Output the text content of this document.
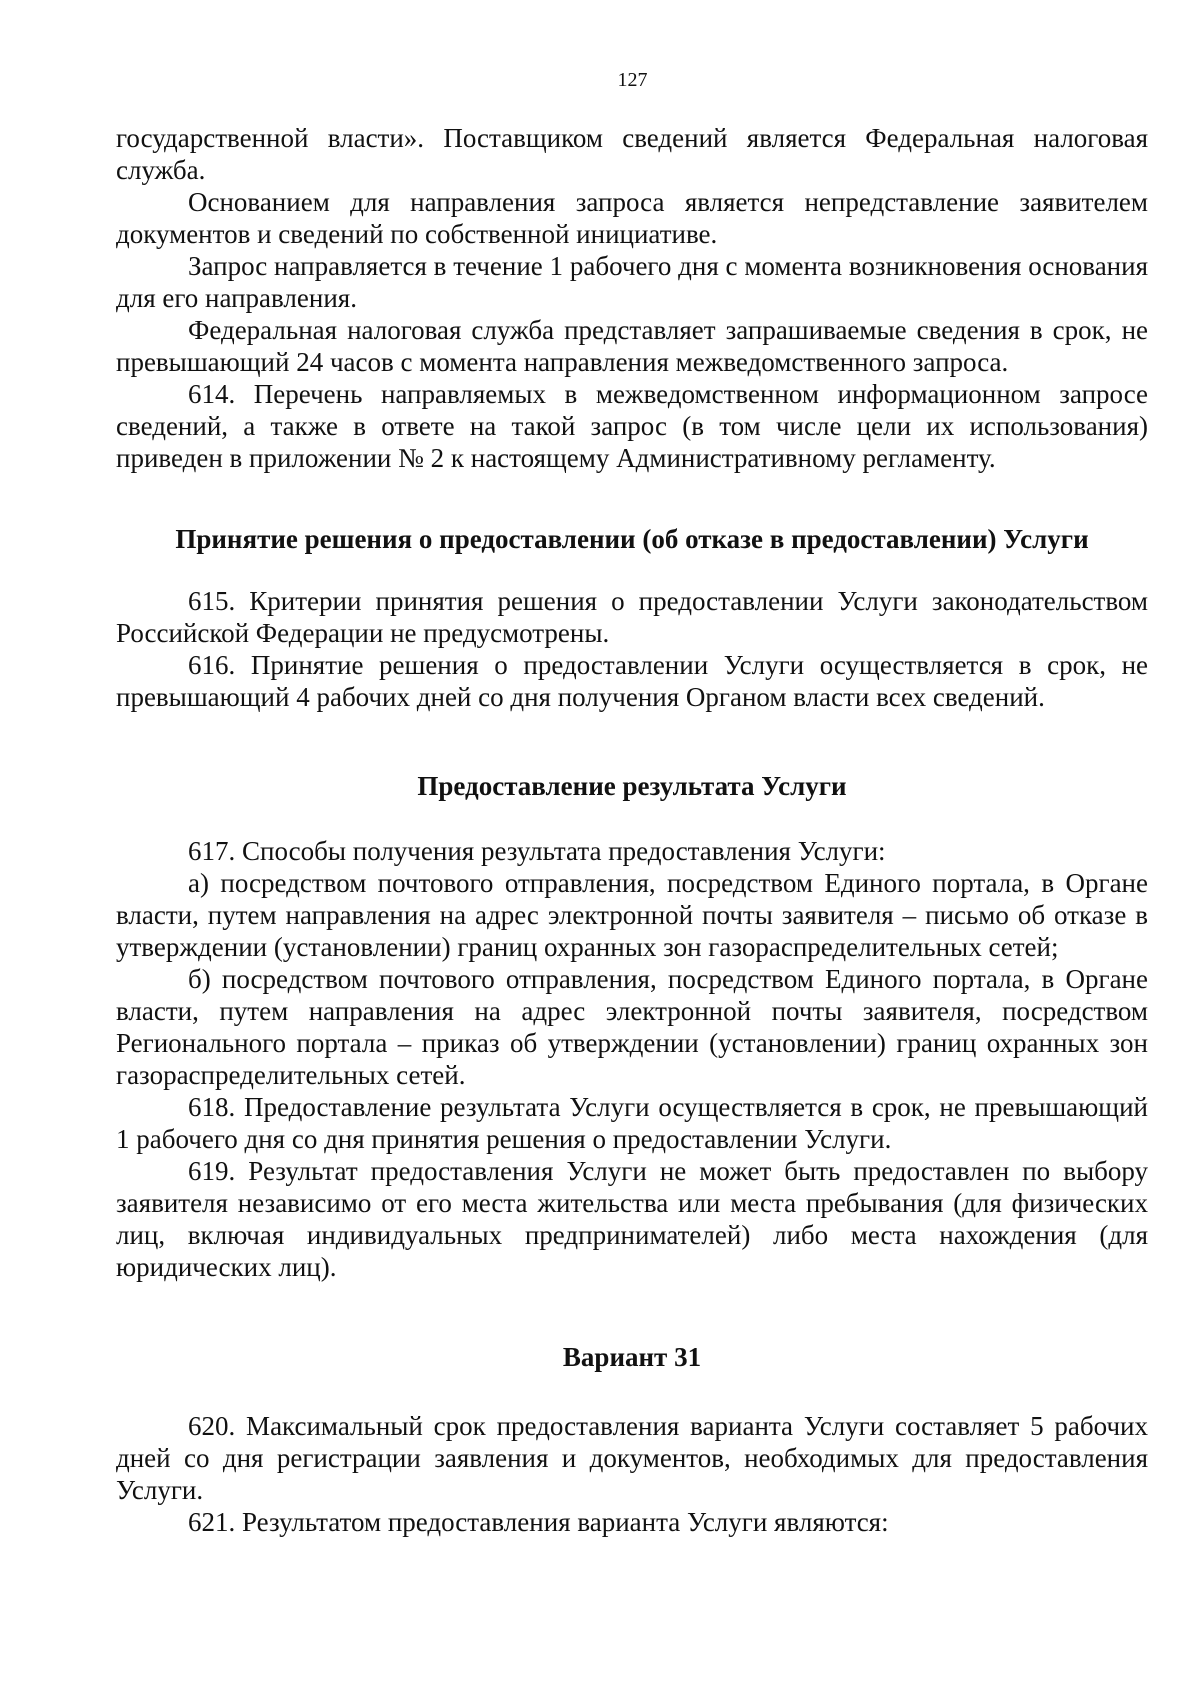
127

государственной власти». Поставщиком сведений является Федеральная налоговая служба.

Основанием для направления запроса является непредставление заявителем документов и сведений по собственной инициативе.

Запрос направляется в течение 1 рабочего дня с момента возникновения основания для его направления.

Федеральная налоговая служба представляет запрашиваемые сведения в срок, не превышающий 24 часов с момента направления межведомственного запроса.

614. Перечень направляемых в межведомственном информационном запросе сведений, а также в ответе на такой запрос (в том числе цели их использования) приведен в приложении № 2 к настоящему Административному регламенту.

Принятие решения о предоставлении (об отказе в предоставлении) Услуги

615. Критерии принятия решения о предоставлении Услуги законодательством Российской Федерации не предусмотрены.

616. Принятие решения о предоставлении Услуги осуществляется в срок, не превышающий 4 рабочих дней со дня получения Органом власти всех сведений.

Предоставление результата Услуги

617. Способы получения результата предоставления Услуги:

а) посредством почтового отправления, посредством Единого портала, в Органе власти, путем направления на адрес электронной почты заявителя – письмо об отказе в утверждении (установлении) границ охранных зон газораспределительных сетей;

б) посредством почтового отправления, посредством Единого портала, в Органе власти, путем направления на адрес электронной почты заявителя, посредством Регионального портала – приказ об утверждении (установлении) границ охранных зон газораспределительных сетей.

618. Предоставление результата Услуги осуществляется в срок, не превышающий 1 рабочего дня со дня принятия решения о предоставлении Услуги.

619. Результат предоставления Услуги не может быть предоставлен по выбору заявителя независимо от его места жительства или места пребывания (для физических лиц, включая индивидуальных предпринимателей) либо места нахождения (для юридических лиц).

Вариант 31

620. Максимальный срок предоставления варианта Услуги составляет 5 рабочих дней со дня регистрации заявления и документов, необходимых для предоставления Услуги.

621. Результатом предоставления варианта Услуги являются:
